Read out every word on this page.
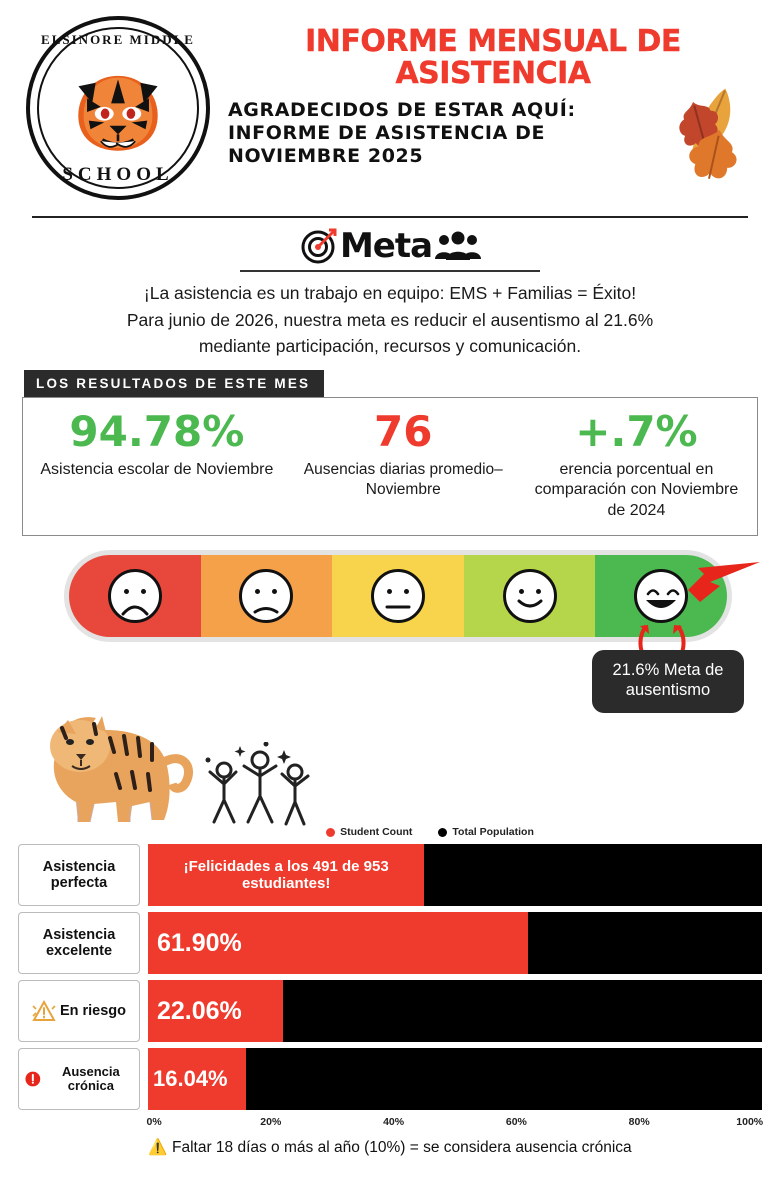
ELSINORE MIDDLE
SCHOOL
INFORME MENSUAL DE ASISTENCIA
AGRADECIDOS DE ESTAR AQUÍ: INFORME DE ASISTENCIA DE NOVIEMBRE 2025
Meta
¡La asistencia es un trabajo en equipo: EMS + Familias = Éxito!
Para junio de 2026, nuestra meta es reducir el ausentismo al 21.6%
mediante participación, recursos y comunicación.
LOS RESULTADOS DE ESTE MES
94.78%
Asistencia escolar de Noviembre
76
Ausencias diarias promedio–Noviembre
+.7%
erencia porcentual en comparación con Noviembre de 2024
21.6% Meta de ausentismo
Student Count	Total Population
Asistencia perfecta
¡Felicidades a los 491 de 953 estudiantes!
Asistencia excelente	61.90%
En riesgo	22.06%
Ausencia crónica	16.04%
0%	20%	40%	60%	80%	100%
⚠️ Faltar 18 días o más al año (10%) = se considera ausencia crónica
